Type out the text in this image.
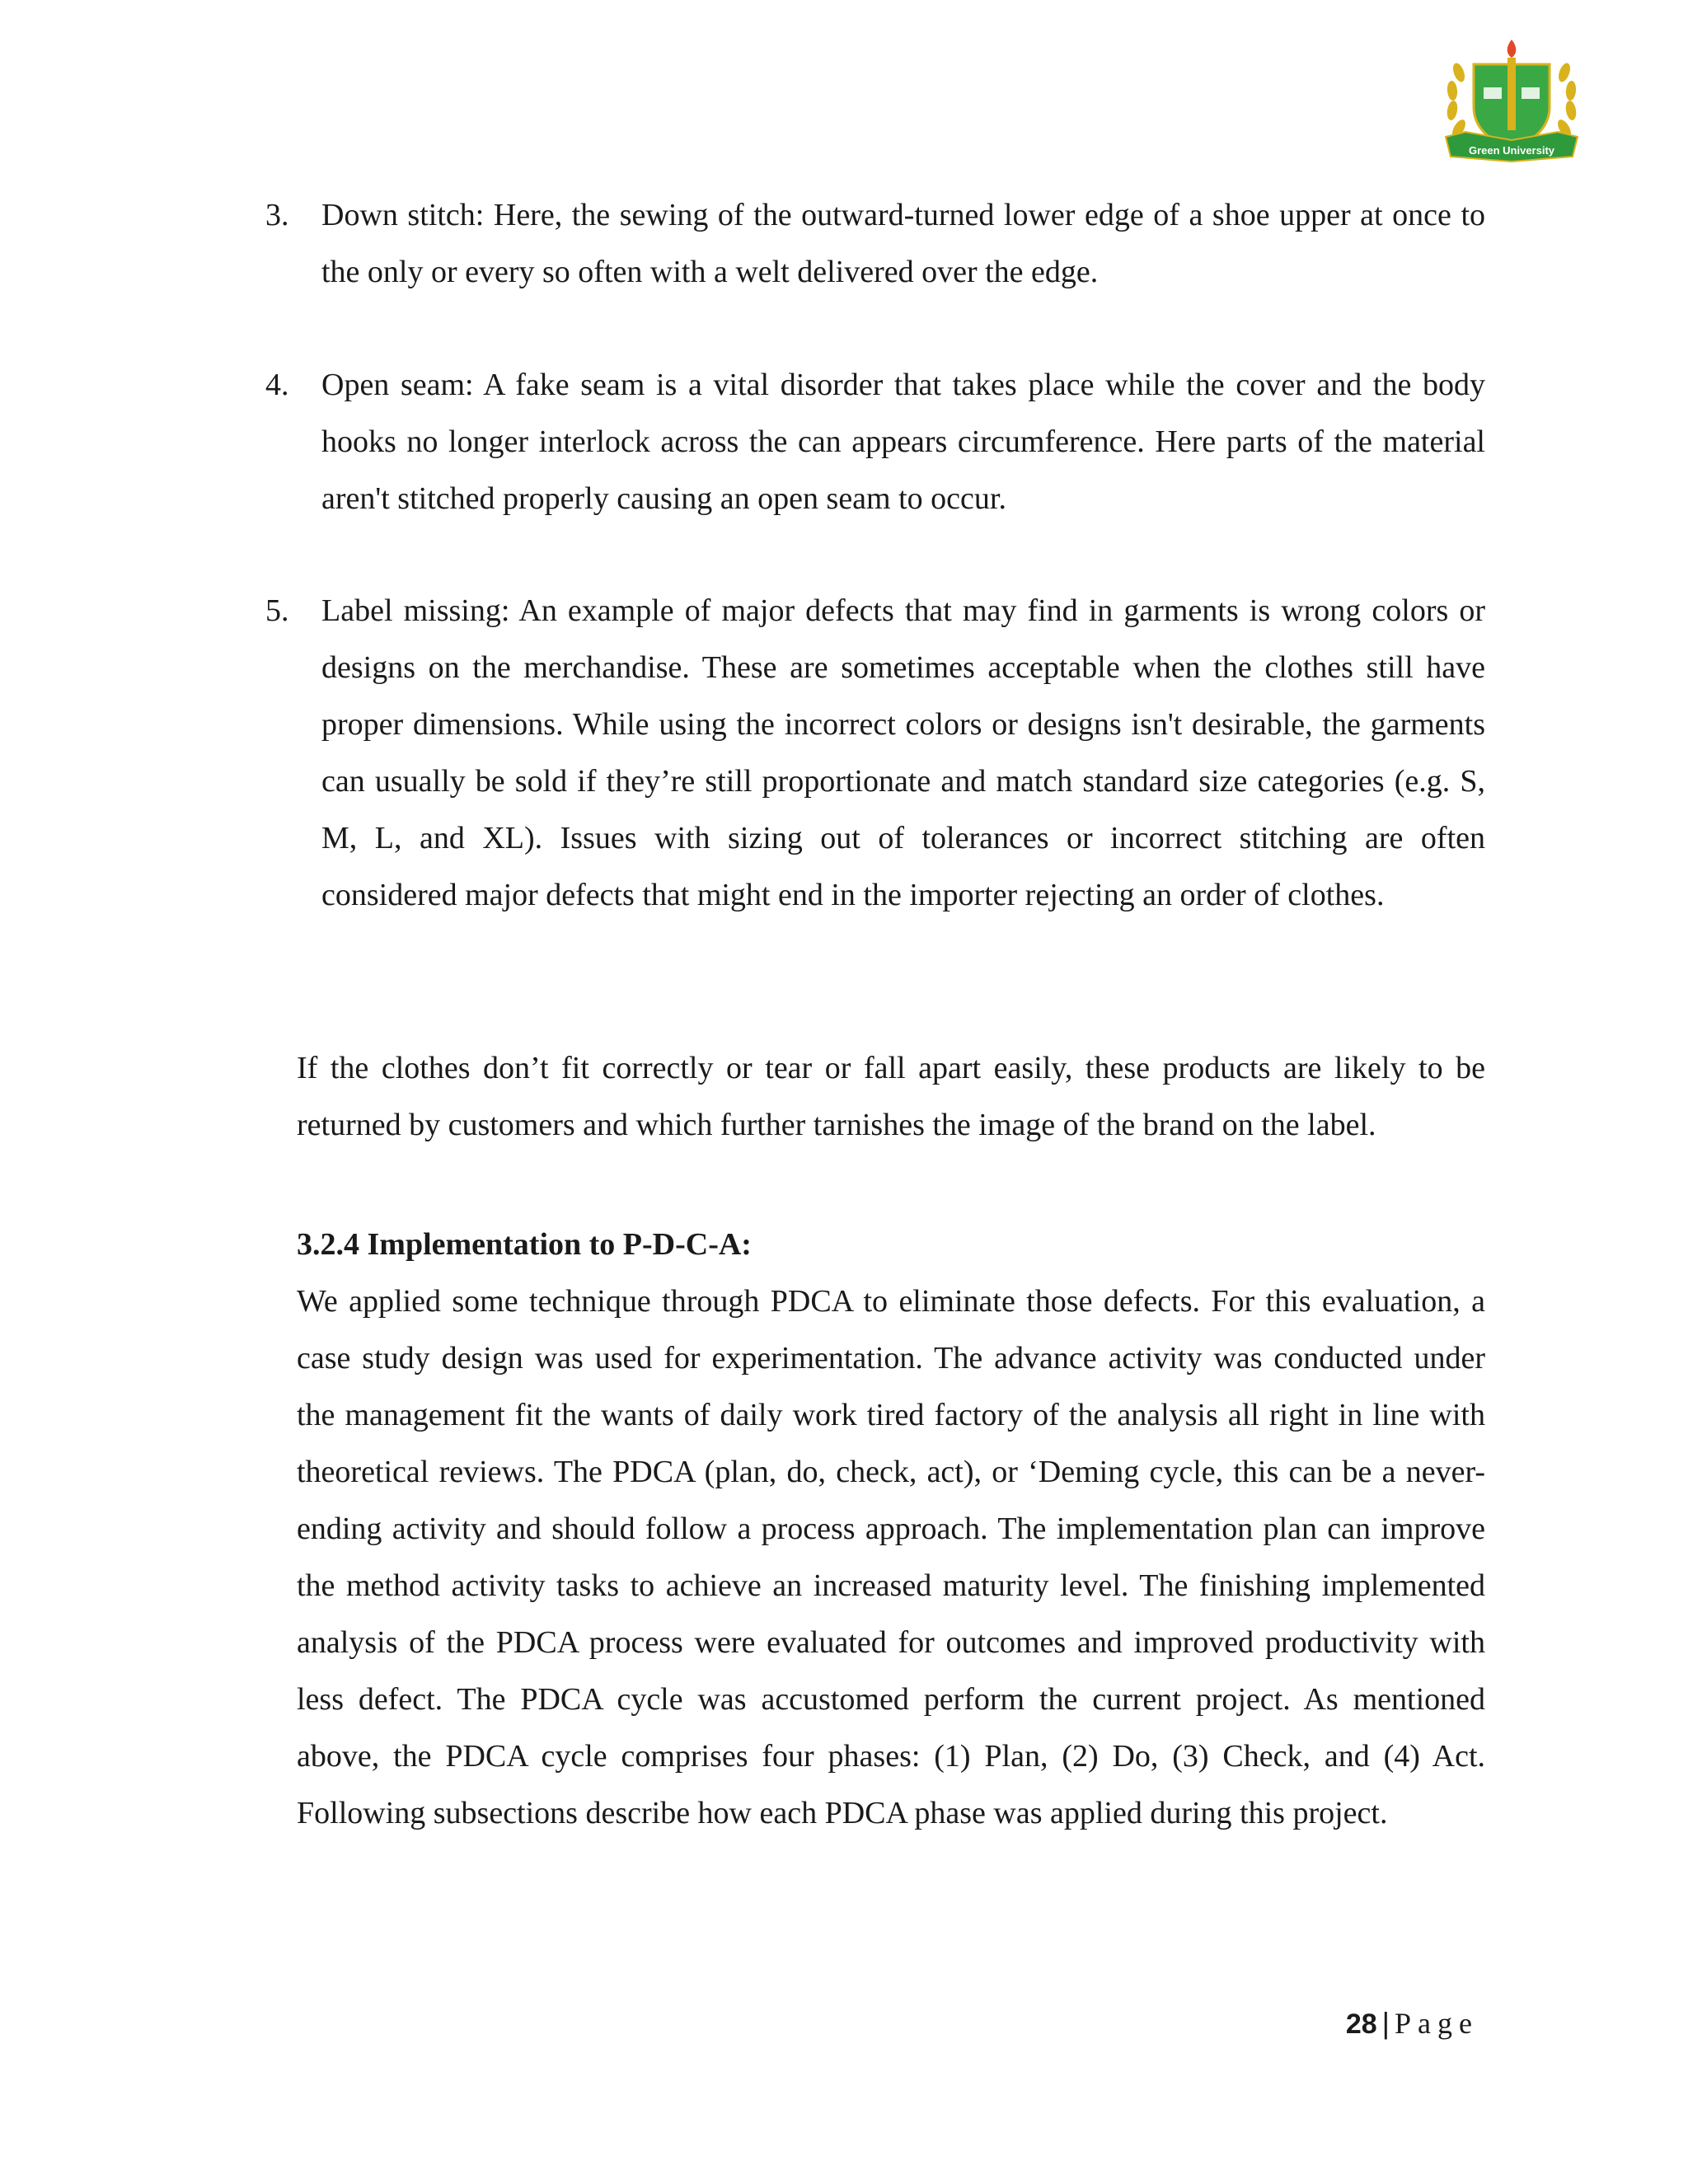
Green University
3. Down stitch: Here, the sewing of the outward-turned lower edge of a shoe upper at once to the only or every so often with a welt delivered over the edge.

4. Open seam: A fake seam is a vital disorder that takes place while the cover and the body hooks no longer interlock across the can appears circumference. Here parts of the material aren't stitched properly causing an open seam to occur.

5. Label missing: An example of major defects that may find in garments is wrong colors or designs on the merchandise. These are sometimes acceptable when the clothes still have proper dimensions. While using the incorrect colors or designs isn't desirable, the garments can usually be sold if they’re still proportionate and match standard size categories (e.g. S, M, L, and XL). Issues with sizing out of tolerances or incorrect stitching are often considered major defects that might end in the importer rejecting an order of clothes.

If the clothes don’t fit correctly or tear or fall apart easily, these products are likely to be returned by customers and which further tarnishes the image of the brand on the label.

3.2.4 Implementation to P-D-C-A:

We applied some technique through PDCA to eliminate those defects. For this evaluation, a case study design was used for experimentation. The advance activity was conducted under the management fit the wants of daily work tired factory of the analysis all right in line with theoretical reviews. The PDCA (plan, do, check, act), or ‘Deming cycle, this can be a never-ending activity and should follow a process approach. The implementation plan can improve the method activity tasks to achieve an increased maturity level. The finishing implemented analysis of the PDCA process were evaluated for outcomes and improved productivity with less defect. The PDCA cycle was accustomed perform the current project. As mentioned above, the PDCA cycle comprises four phases: (1) Plan, (2) Do, (3) Check, and (4) Act. Following subsections describe how each PDCA phase was applied during this project.

28 | Page
